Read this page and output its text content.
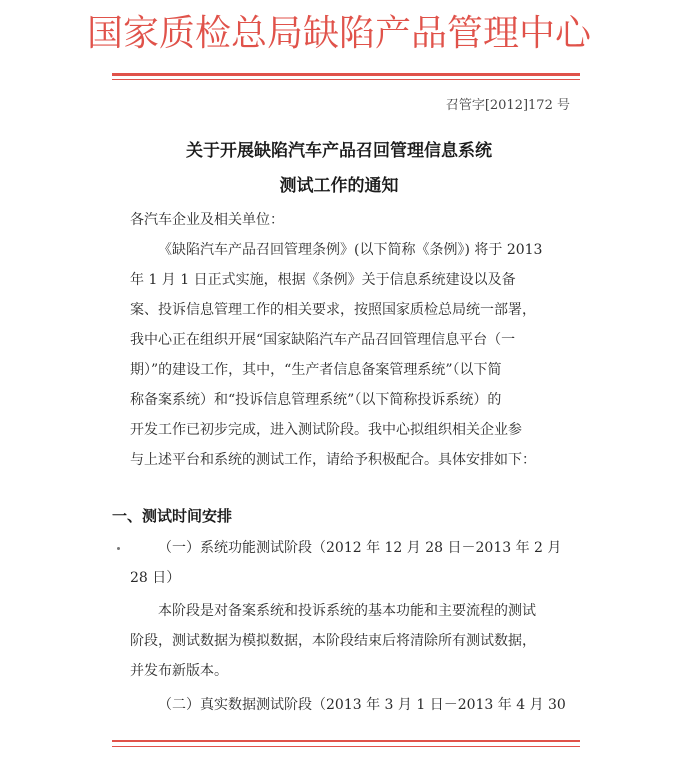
国家质检总局缺陷产品管理中心
召管字[2012]172 号
关于开展缺陷汽车产品召回管理信息系统
测试工作的通知
各汽车企业及相关单位：
《缺陷汽车产品召回管理条例》(以下简称《条例》) 将于 2013
年 1 月 1 日正式实施，根据《条例》关于信息系统建设以及备
案、投诉信息管理工作的相关要求，按照国家质检总局统一部署，
我中心正在组织开展“国家缺陷汽车产品召回管理信息平台（一
期）”的建设工作，其中，“生产者信息备案管理系统”（以下简
称备案系统）和“投诉信息管理系统”（以下简称投诉系统）的
开发工作已初步完成，进入测试阶段。我中心拟组织相关企业参
与上述平台和系统的测试工作，请给予积极配合。具体安排如下：
一、测试时间安排
（一）系统功能测试阶段（2012 年 12 月 28 日－2013 年 2 月
28 日）
本阶段是对备案系统和投诉系统的基本功能和主要流程的测试
阶段，测试数据为模拟数据，本阶段结束后将清除所有测试数据，
并发布新版本。
（二）真实数据测试阶段（2013 年 3 月 1 日－2013 年 4 月 30
